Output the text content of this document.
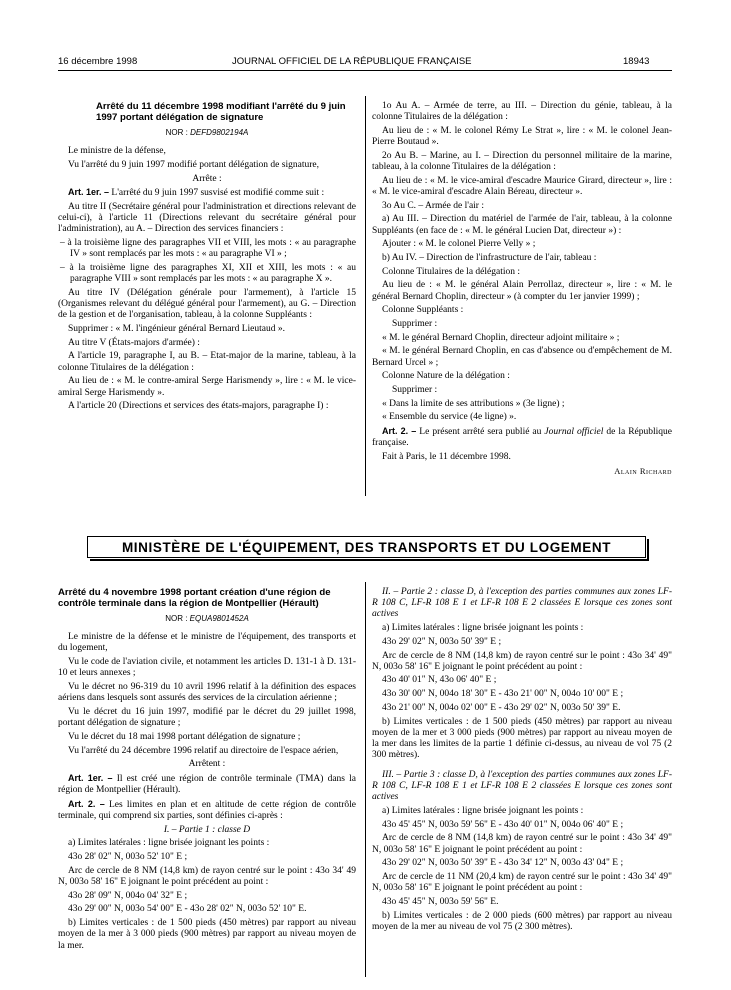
16 décembre 1998	JOURNAL OFFICIEL DE LA RÉPUBLIQUE FRANÇAISE	18943
Arrêté du 11 décembre 1998 modifiant l'arrêté du 9 juin 1997 portant délégation de signature
NOR : DEFD9802194A

Le ministre de la défense,

Vu l'arrêté du 9 juin 1997 modifié portant délégation de signature,

Arrête :

Art. 1er. – L'arrêté du 9 juin 1997 susvisé est modifié comme suit :

Au titre II (Secrétaire général pour l'administration et directions relevant de celui-ci), à l'article 11 (Directions relevant du secrétaire général pour l'administration), au A. – Direction des services financiers :

– à la troisième ligne des paragraphes VII et VIII, les mots : « au paragraphe IV » sont remplacés par les mots : « au paragraphe VI » ;

– à la troisième ligne des paragraphes XI, XII et XIII, les mots : « au paragraphe VIII » sont remplacés par les mots : « au paragraphe X ».

Au titre IV (Délégation générale pour l'armement), à l'article 15 (Organismes relevant du délégué général pour l'armement), au G. – Direction de la gestion et de l'organisation, tableau, à la colonne Suppléants :

Supprimer : « M. l'ingénieur général Bernard Lieutaud ».

Au titre V (États-majors d'armée) :

A l'article 19, paragraphe I, au B. – Etat-major de la marine, tableau, à la colonne Titulaires de la délégation :

Au lieu de : « M. le contre-amiral Serge Harismendy », lire : « M. le vice-amiral Serge Harismendy ».

A l'article 20 (Directions et services des états-majors, paragraphe I) :

1o Au A. – Armée de terre, au III. – Direction du génie, tableau, à la colonne Titulaires de la délégation :

Au lieu de : « M. le colonel Rémy Le Strat », lire : « M. le colonel Jean-Pierre Boutaud ».

2o Au B. – Marine, au I. – Direction du personnel militaire de la marine, tableau, à la colonne Titulaires de la délégation :

Au lieu de : « M. le vice-amiral d'escadre Maurice Girard, directeur », lire : « M. le vice-amiral d'escadre Alain Béreau, directeur ».

3o Au C. – Armée de l'air :

a) Au III. – Direction du matériel de l'armée de l'air, tableau, à la colonne Suppléants (en face de : « M. le général Lucien Dat, directeur ») :

Ajouter : « M. le colonel Pierre Velly » ;

b) Au IV. – Direction de l'infrastructure de l'air, tableau :

Colonne Titulaires de la délégation :

Au lieu de : « M. le général Alain Perrollaz, directeur », lire : « M. le général Bernard Choplin, directeur » (à compter du 1er janvier 1999) ;

Colonne Suppléants :

Supprimer :

« M. le général Bernard Choplin, directeur adjoint militaire » ;

« M. le général Bernard Choplin, en cas d'absence ou d'empêchement de M. Bernard Urcel » ;

Colonne Nature de la délégation :

Supprimer :

« Dans la limite de ses attributions » (3e ligne) ;

« Ensemble du service (4e ligne) ».

Art. 2. – Le présent arrêté sera publié au Journal officiel de la République française.

Fait à Paris, le 11 décembre 1998.

Alain Richard

MINISTÈRE DE L'ÉQUIPEMENT, DES TRANSPORTS ET DU LOGEMENT
Arrêté du 4 novembre 1998 portant création d'une région de contrôle terminale dans la région de Montpellier (Hérault)
NOR : EQUA9801452A

Le ministre de la défense et le ministre de l'équipement, des transports et du logement,

Vu le code de l'aviation civile, et notamment les articles D. 131-1 à D. 131-10 et leurs annexes ;

Vu le décret no 96-319 du 10 avril 1996 relatif à la définition des espaces aériens dans lesquels sont assurés des services de la circulation aérienne ;

Vu le décret du 16 juin 1997, modifié par le décret du 29 juillet 1998, portant délégation de signature ;

Vu le décret du 18 mai 1998 portant délégation de signature ;

Vu l'arrêté du 24 décembre 1996 relatif au directoire de l'espace aérien,

Arrêtent :

Art. 1er. – Il est créé une région de contrôle terminale (TMA) dans la région de Montpellier (Hérault).

Art. 2. – Les limites en plan et en altitude de cette région de contrôle terminale, qui comprend six parties, sont définies ci-après :

I. – Partie 1 : classe D

a) Limites latérales : ligne brisée joignant les points :

43o 28' 02" N, 003o 52' 10" E ;

Arc de cercle de 8 NM (14,8 km) de rayon centré sur le point : 43o 34' 49 N, 003o 58' 16" E joignant le point précédent au point :

43o 28' 09" N, 004o 04' 32" E ;

43o 29' 00" N, 003o 54' 00" E - 43o 28' 02" N, 003o 52' 10" E.

b) Limites verticales : de 1 500 pieds (450 mètres) par rapport au niveau moyen de la mer à 3 000 pieds (900 mètres) par rapport au niveau moyen de la mer.

II. – Partie 2 : classe D, à l'exception des parties communes aux zones LF-R 108 C, LF-R 108 E 1 et LF-R 108 E 2 classées E lorsque ces zones sont actives

a) Limites latérales : ligne brisée joignant les points :

43o 29' 02" N, 003o 50' 39" E ;

Arc de cercle de 8 NM (14,8 km) de rayon centré sur le point : 43o 34' 49" N, 003o 58' 16" E joignant le point précédent au point :

43o 40' 01" N, 43o 06' 40" E ;

43o 30' 00" N, 004o 18' 30" E - 43o 21' 00" N, 004o 10' 00" E ;

43o 21' 00" N, 004o 02' 00" E - 43o 29' 02" N, 003o 50' 39" E.

b) Limites verticales : de 1 500 pieds (450 mètres) par rapport au niveau moyen de la mer et 3 000 pieds (900 mètres) par rapport au niveau moyen de la mer dans les limites de la partie 1 définie ci-dessus, au niveau de vol 75 (2 300 mètres).

III. – Partie 3 : classe D, à l'exception des parties communes aux zones LF-R 108 C, LF-R 108 E 1 et LF-R 108 E 2 classées E lorsque ces zones sont actives

a) Limites latérales : ligne brisée joignant les points :

43o 45' 45" N, 003o 59' 56" E - 43o 40' 01" N, 004o 06' 40" E ;

Arc de cercle de 8 NM (14,8 km) de rayon centré sur le point : 43o 34' 49" N, 003o 58' 16" E joignant le point précédent au point :

43o 29' 02" N, 003o 50' 39" E - 43o 34' 12" N, 003o 43' 04" E ;

Arc de cercle de 11 NM (20,4 km) de rayon centré sur le point : 43o 34' 49" N, 003o 58' 16" E joignant le point précédent au point :

43o 45' 45" N, 003o 59' 56" E.

b) Limites verticales : de 2 000 pieds (600 mètres) par rapport au niveau moyen de la mer au niveau de vol 75 (2 300 mètres).
